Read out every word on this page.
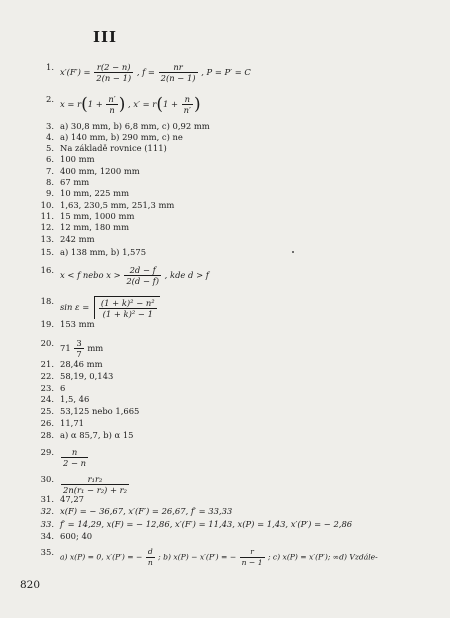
III
1. $x'(F') = \frac{r(2 - n)}{2(n - 1)}$ , $f = \frac{nr}{2(n - 1)}$ , P = P′ = C
2. $x = r(1 + \frac{n'}{n}$ ) , $x' = r(1 + \frac{n}{n'}$ )
3. a) 30,8 mm, b) 6,8 mm, c) 0,92 mm
4. a) 140 mm, b) 290 mm, c) ne
5. Na základě rovnice (111)
6. 100 mm
7. 400 mm, 1200 mm
8. 67 mm
9. 10 mm, 225 mm
10. 1,63, 230,5 mm, 251,3 mm
11. 15 mm, 1000 mm
12. 12 mm, 180 mm
13. 242 mm
15. a) 138 mm, b) 1,575
16. x < f nebo $x > \frac{2d - f}{2(d - f)}$ , kde d > f
18.
$\sin \varepsilon = \frac{\text{(1 + k)² − n²}}{\text{(1 + k)² − 1}}$
19. 153 mm
20. $71 \frac{3}{7}$ mm
21. 28,46 mm
22. 58,19, 0,143
23. 6
24. 1,5, 46
25. 53,125 nebo 1,665
26. 11,71
28. a) α 85,7, b) α 15
29. $\frac{n}{2 - n}$
30. $\frac{\text{r₁r₂}}{\text{2n(r₁ − r₂) + r₂}}$
31. 47,27
32. x(F) = − 36,67, x′(F′) = 26,67, f′ = 33,33
33. f′ = 14,29, x(F) = − 12,86, x′(F′) = 11,43, x(P) = 1,43, x′(P′) = − 2,86
34. 600; 40
35. a) x(P) = 0, x′(P′) = − $\frac{d}{n}$ ; b) x(P) − x′(P′) = − $\frac{r}{n - 1}$ ; c) x(P) = x′(P′); ∞d) Vzdále-
820
